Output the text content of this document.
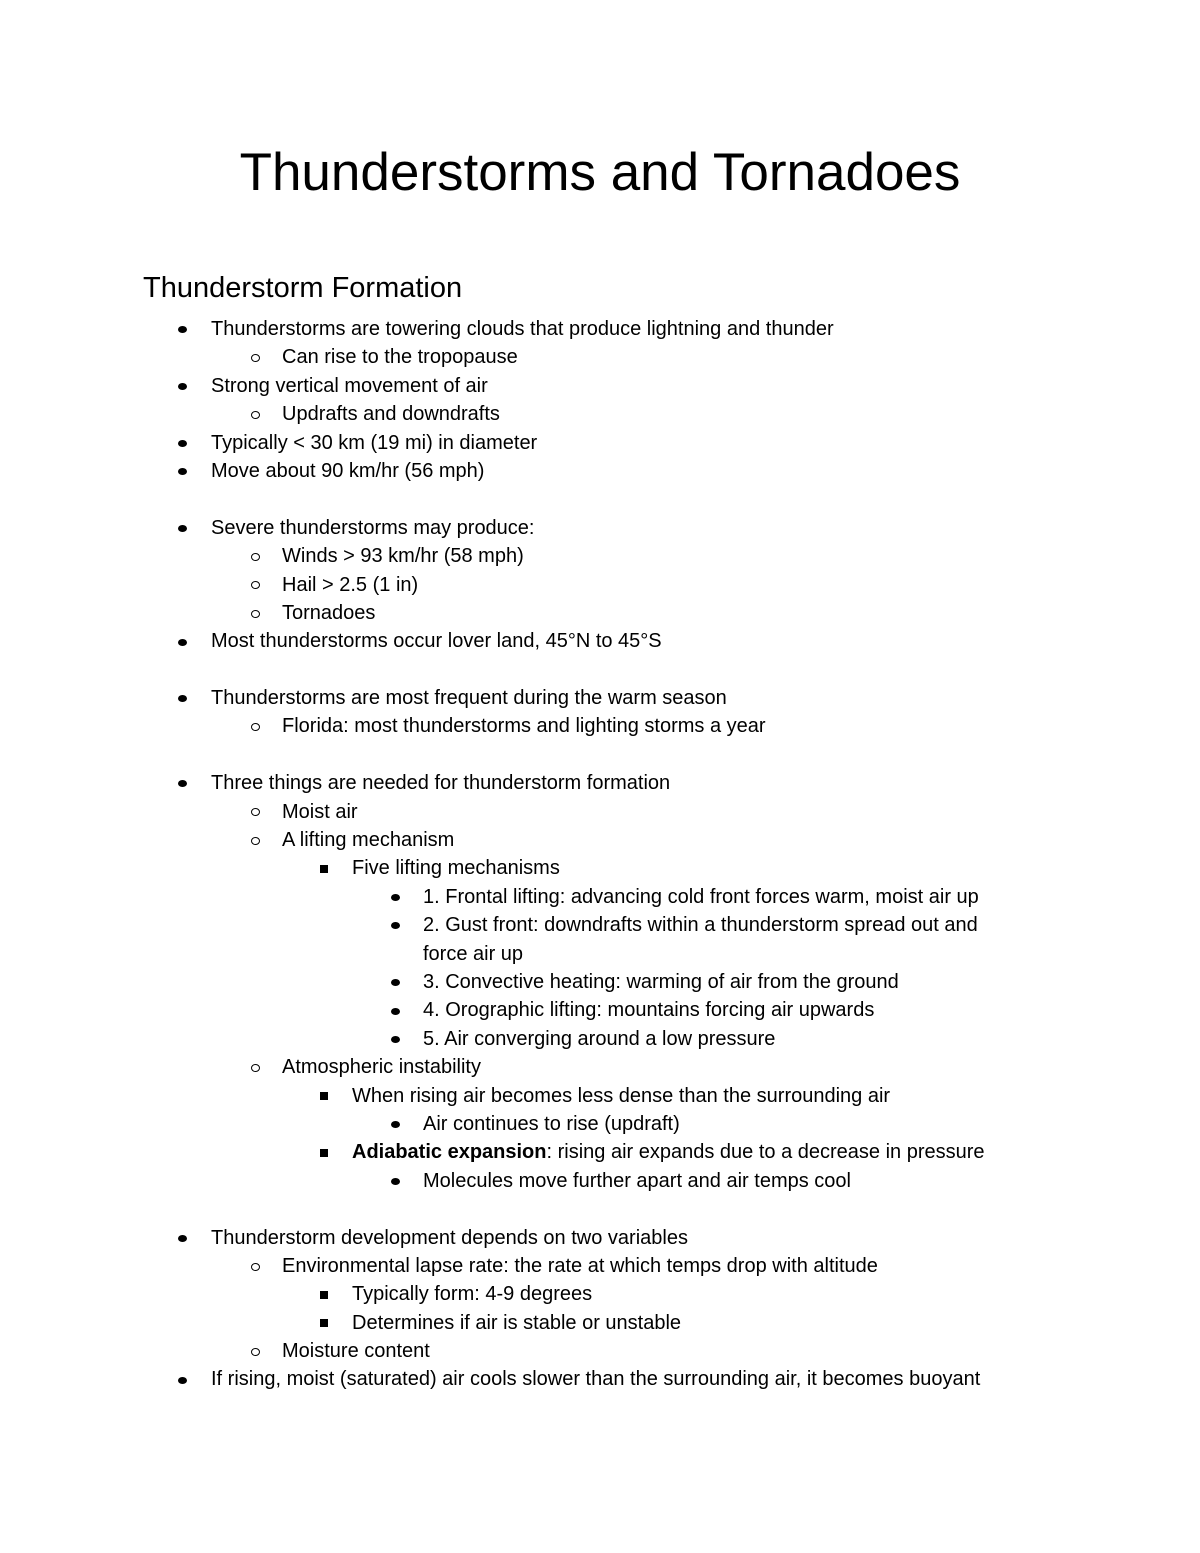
Thunderstorms and Tornadoes
Thunderstorm Formation
Thunderstorms are towering clouds that produce lightning and thunder
Can rise to the tropopause
Strong vertical movement of air
Updrafts and downdrafts
Typically < 30 km (19 mi) in diameter
Move about 90 km/hr (56 mph)
Severe thunderstorms may produce:
Winds > 93 km/hr (58 mph)
Hail > 2.5 (1 in)
Tornadoes
Most thunderstorms occur lover land, 45°N to 45°S
Thunderstorms are most frequent during the warm season
Florida: most thunderstorms and lighting storms a year
Three things are needed for thunderstorm formation
Moist air
A lifting mechanism
Five lifting mechanisms
1. Frontal lifting: advancing cold front forces warm, moist air up
2. Gust front: downdrafts within a thunderstorm spread out and
force air up
3. Convective heating: warming of air from the ground
4. Orographic lifting: mountains forcing air upwards
5. Air converging around a low pressure
Atmospheric instability
When rising air becomes less dense than the surrounding air
Air continues to rise (updraft)
Adiabatic expansion: rising air expands due to a decrease in pressure
Molecules move further apart and air temps cool
Thunderstorm development depends on two variables
Environmental lapse rate: the rate at which temps drop with altitude
Typically form: 4-9 degrees
Determines if air is stable or unstable
Moisture content
If rising, moist (saturated) air cools slower than the surrounding air, it becomes buoyant
